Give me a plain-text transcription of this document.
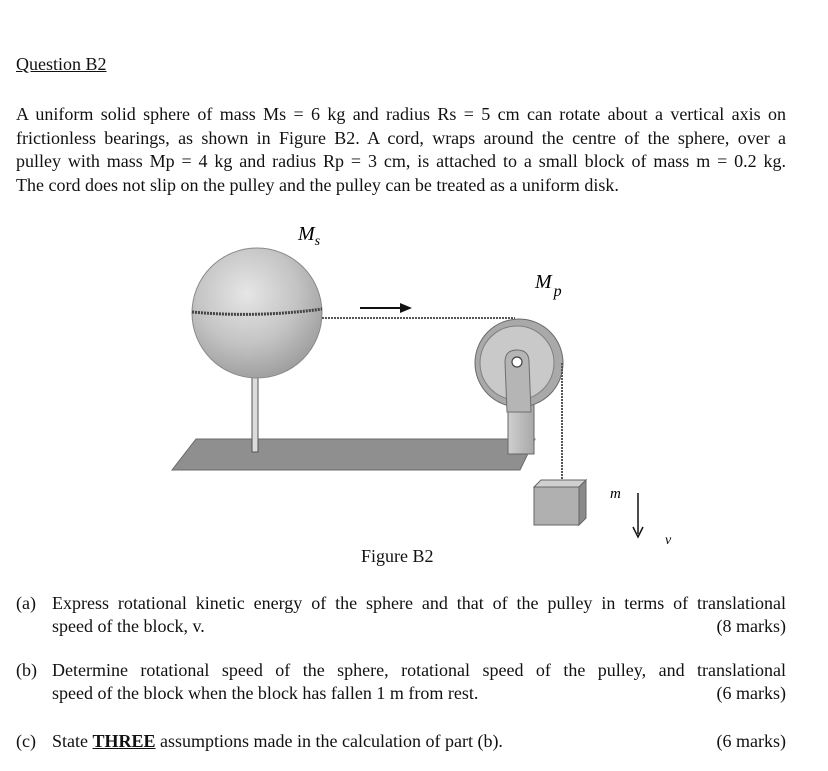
Question B2
A uniform solid sphere of mass Ms = 6 kg and radius Rs = 5 cm can rotate about a vertical axis on
frictionless bearings, as shown in Figure B2. A cord, wraps around the centre of the sphere, over a
pulley with mass Mp = 4 kg and radius Rp = 3 cm, is attached to a small block of mass m = 0.2 kg.
The cord does not slip on the pulley and the pulley can be treated as a uniform disk.
$M_s$
M $_p$
m
v
Figure B2
(a) Express rotational kinetic energy of the sphere and that of the pulley in terms of translational
speed of the block, v.	(8 marks)
(b) Determine rotational speed of the sphere, rotational speed of the pulley, and translational
speed of the block when the block has fallen 1 m from rest.	(6 marks)
(c) State THREE assumptions made in the calculation of part (b).	(6 marks)
